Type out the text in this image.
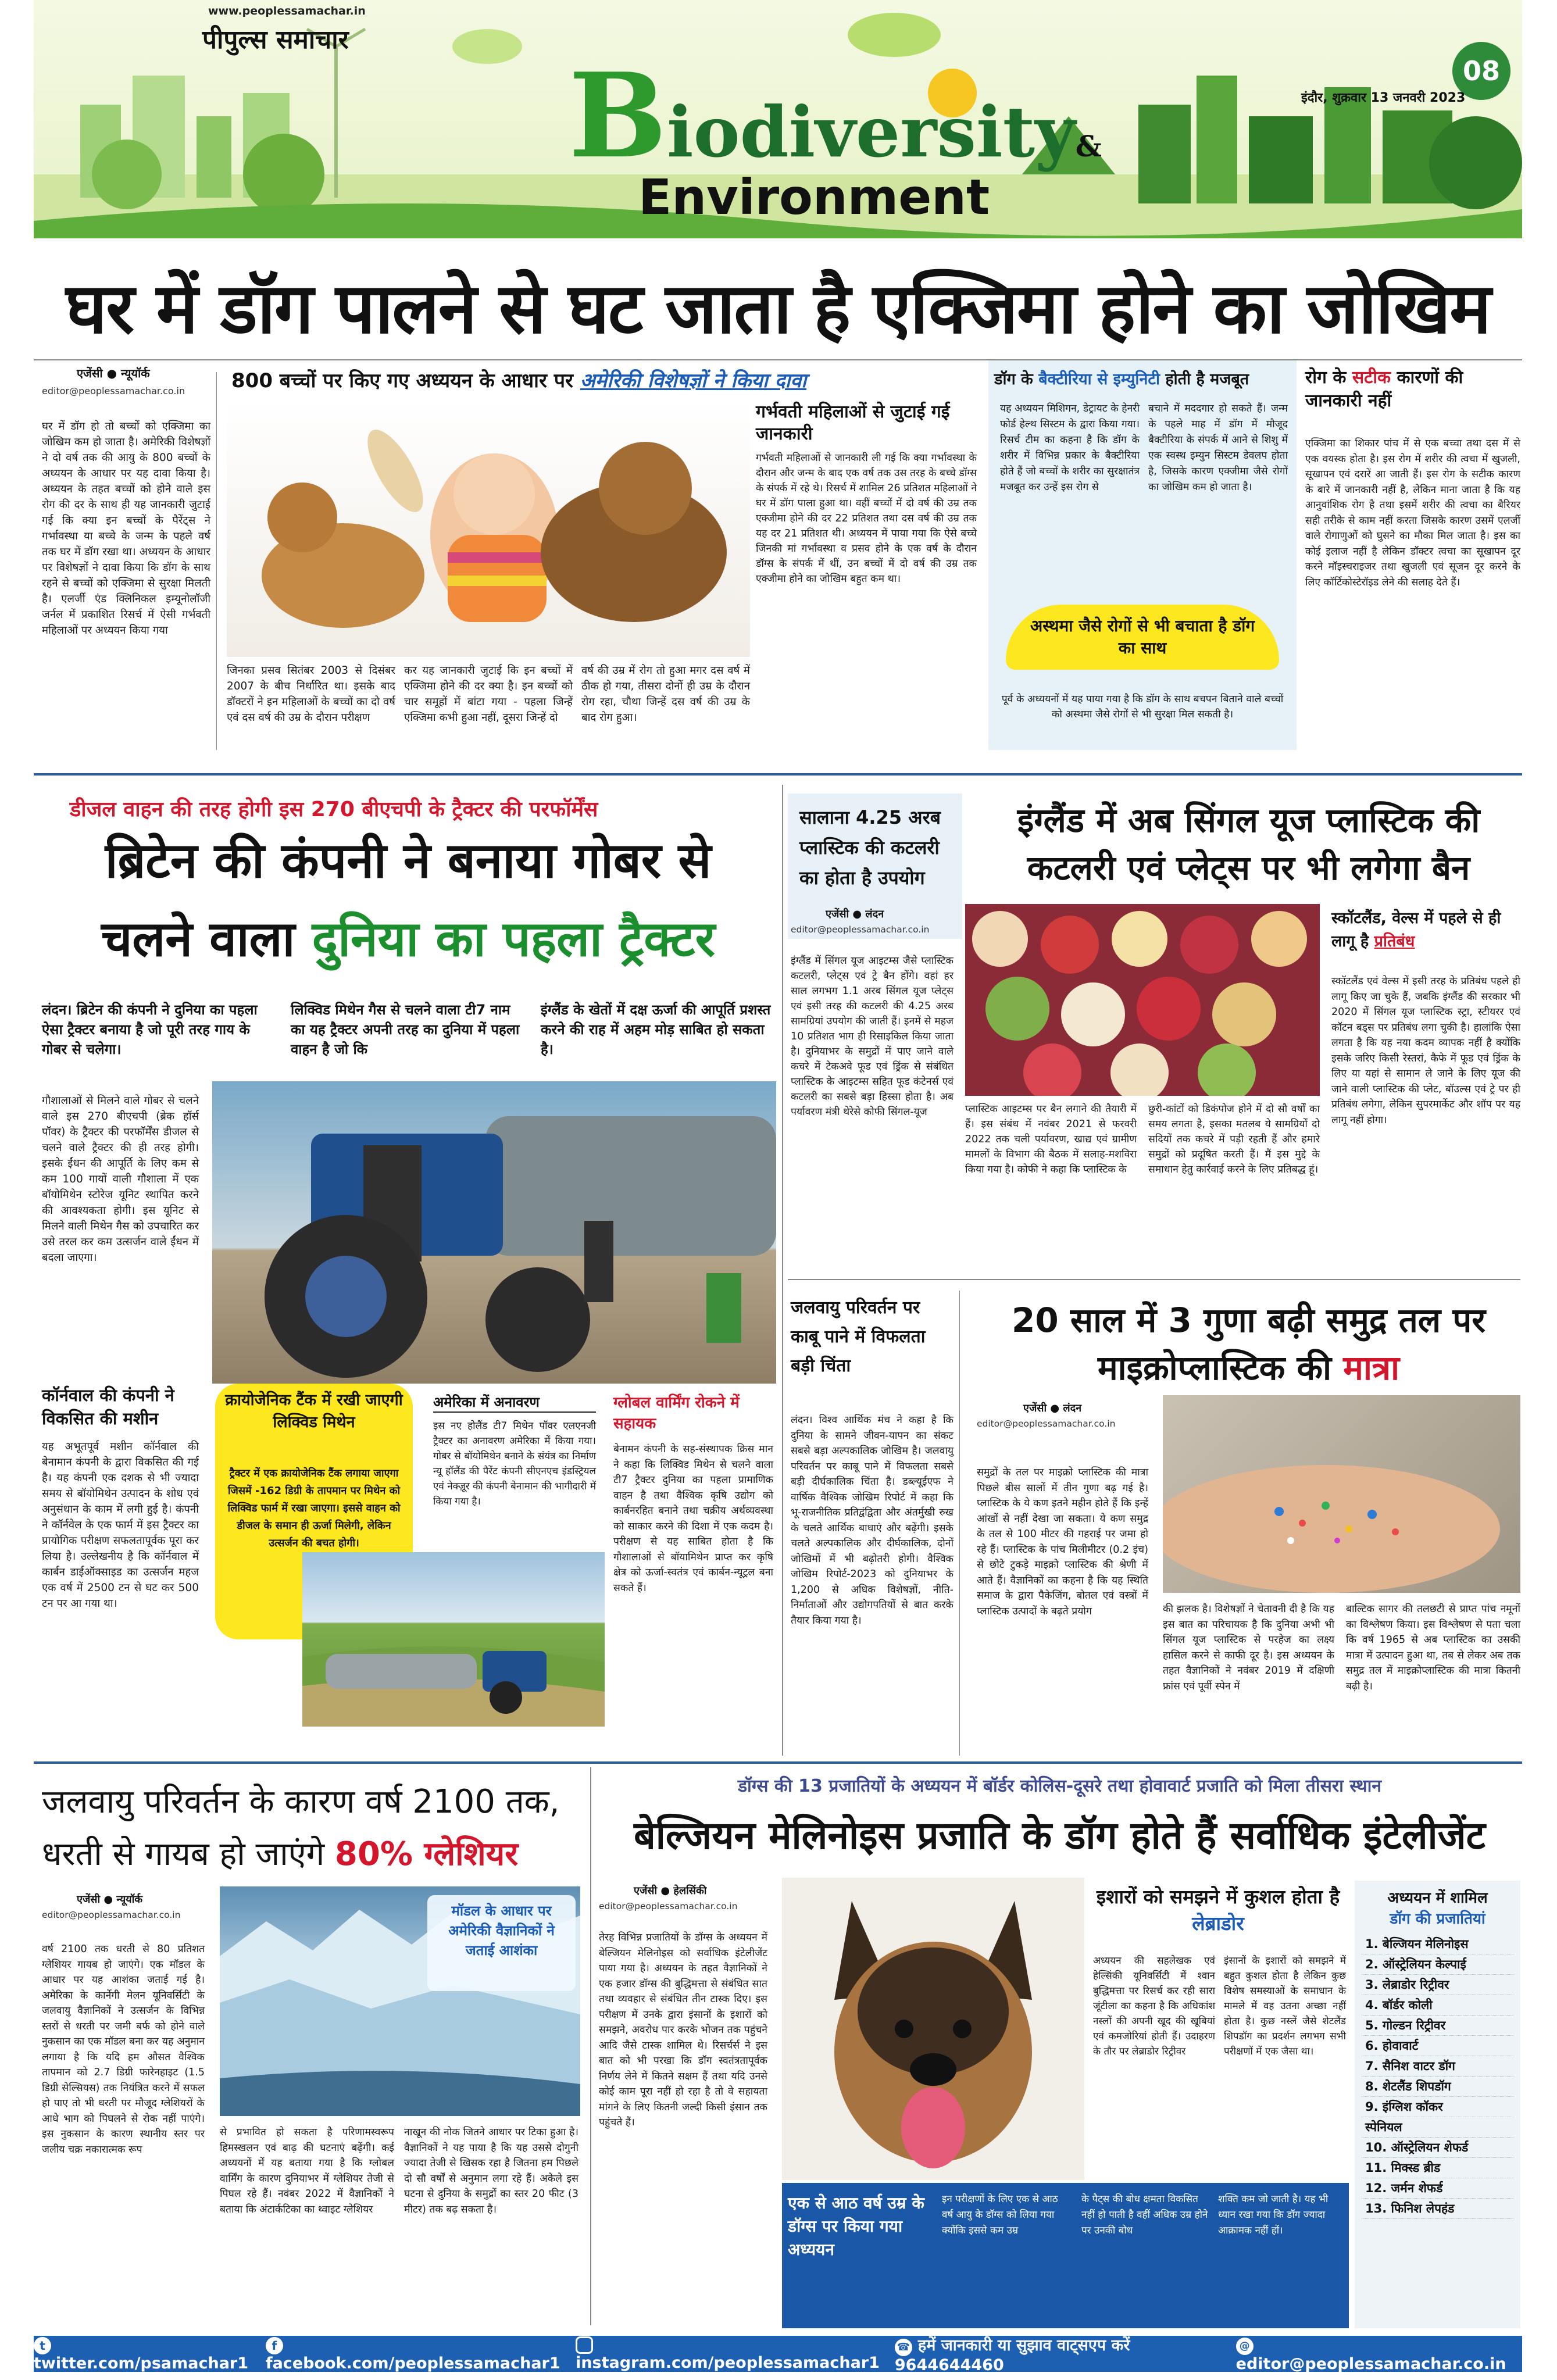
www.peoplessamachar.in
पीपुल्स समाचार
Biodiversity&
Environment
08
इंदौर, शुक्रवार 13 जनवरी 2023
घर में डॉग पालने से घट जाता है एक्जिमा होने का जोखिम
एजेंसी ● न्यूयॉर्क
editor@peoplessamachar.co.in	800 बच्चों पर किए गए अध्ययन के आधार पर अमेरिकी विशेषज्ञों ने किया दावा

घर में डॉग हो तो बच्चों को एक्जिमा का जोखिम कम हो जाता है। अमेरिकी विशेषज्ञों ने दो वर्ष तक की आयु के 800 बच्चों के अध्ययन के आधार पर यह दावा किया है। अध्ययन के तहत बच्चों को होने वाले इस रोग की दर के साथ ही यह जानकारी जुटाई गई कि क्या इन बच्चों के पैरेंट्स ने गर्भावस्था या बच्चे के जन्म के पहले वर्ष तक घर में डॉग रखा था। अध्ययन के आधार पर विशेषज्ञों ने दावा किया कि डॉग के साथ रहने से बच्चों को एक्जिमा से सुरक्षा मिलती है। एलर्जी एंड क्लिनिकल इम्यूनोलॉजी जर्नल में प्रकाशित रिसर्च में ऐसी गर्भवती महिलाओं पर अध्ययन किया गया

जिनका प्रसव सितंबर 2003 से दिसंबर 2007 के बीच निर्धारित था। इसके बाद डॉक्टरों ने इन महिलाओं के बच्चों का दो वर्ष एवं दस वर्ष की उम्र के दौरान परीक्षण

कर यह जानकारी जुटाई कि इन बच्चों में एक्जिमा होने की दर क्या है। इन बच्चों को चार समूहों में बांटा गया - पहला जिन्हें एक्जिमा कभी हुआ नहीं, दूसरा जिन्हें दो

वर्ष की उम्र में रोग तो हुआ मगर दस वर्ष में ठीक हो गया, तीसरा दोनों ही उम्र के दौरान रोग रहा, चौथा जिन्हें दस वर्ष की उम्र के बाद रोग हुआ।

गर्भवती महिलाओं से जुटाई गई जानकारी

गर्भवती महिलाओं से जानकारी ली गई कि क्या गर्भावस्था के दौरान और जन्म के बाद एक वर्ष तक उस तरह के बच्चे डॉग्स के संपर्क में रहे थे। रिसर्च में शामिल 26 प्रतिशत महिलाओं ने घर में डॉग पाला हुआ था। वहीं बच्चों में दो वर्ष की उम्र तक एक्जीमा होने की दर 22 प्रतिशत तथा दस वर्ष की उम्र तक यह दर 21 प्रतिशत थी। अध्ययन में पाया गया कि ऐसे बच्चे जिनकी मां गर्भावस्था व प्रसव होने के एक वर्ष के दौरान डॉग्स के संपर्क में थीं, उन बच्चों में दो वर्ष की उम्र तक एक्जीमा होने का जोखिम बहुत कम था।

डॉग के बैक्टीरिया से इम्युनिटी होती है मजबूत

यह अध्ययन मिशिगन, डेट्रायट के हेनरी फोर्ड हेल्थ सिस्टम के द्वारा किया गया। रिसर्च टीम का कहना है कि डॉग के शरीर में विभिन्न प्रकार के बैक्टीरिया होते हैं जो बच्चों के शरीर का सुरक्षातंत्र मजबूत कर उन्हें इस रोग से

बचाने में मददगार हो सकते हैं। जन्म के पहले माह में डॉग में मौजूद बैक्टीरिया के संपर्क में आने से शिशु में एक स्वस्थ इम्युन सिस्टम डेवलप होता है, जिसके कारण एक्जीमा जैसे रोगों का जोखिम कम हो जाता है।

अस्थमा जैसे रोगों से भी बचाता है डॉग का साथ

पूर्व के अध्ययनों में यह पाया गया है कि डॉग के साथ बचपन बिताने वाले बच्चों को अस्थमा जैसे रोगों से भी सुरक्षा मिल सकती है।

रोग के सटीक कारणों की जानकारी नहीं

एक्जिमा का शिकार पांच में से एक बच्चा तथा दस में से एक वयस्क होता है। इस रोग में शरीर की त्वचा में खुजली, सूखापन एवं दरारें आ जाती हैं। इस रोग के सटीक कारण के बारे में जानकारी नहीं है, लेकिन माना जाता है कि यह आनुवांशिक रोग है तथा इसमें शरीर की त्वचा का बैरियर सही तरीके से काम नहीं करता जिसके कारण उसमें एलर्जी वाले रोगाणुओं को घुसने का मौका मिल जाता है। इस का कोई इलाज नहीं है लेकिन डॉक्टर त्वचा का सूखापन दूर करने मॉइस्चराइजर तथा खुजली एवं सूजन दूर करने के लिए कॉर्टिकोस्टेरॉइड लेने की सलाह देते हैं।

डीजल वाहन की तरह होगी इस 270 बीएचपी के ट्रैक्टर की परफॉर्मेंस
ब्रिटेन की कंपनी ने बनाया गोबर से
चलने वाला दुनिया का पहला ट्रैक्टर

लंदन। ब्रिटेन की कंपनी ने दुनिया का पहला ऐसा ट्रैक्टर बनाया है जो पूरी तरह गाय के गोबर से चलेगा।

लिक्विड मिथेन गैस से चलने वाला टी7 नाम का यह ट्रैक्टर अपनी तरह का दुनिया में पहला वाहन है जो कि

इंग्लैंड के खेतों में दक्ष ऊर्जा की आपूर्ति प्रशस्त करने की राह में अहम मोड़ साबित हो सकता है।

गौशालाओं से मिलने वाले गोबर से चलने वाले इस 270 बीएचपी (ब्रेक हॉर्स पॉवर) के ट्रैक्टर की परफॉर्मेंस डीजल से चलने वाले ट्रैक्टर की ही तरह होगी। इसके ईंधन की आपूर्ति के लिए कम से कम 100 गायों वाली गौशाला में एक बॉयोमिथेन स्टोरेज यूनिट स्थापित करने की आवश्यकता होगी। इस यूनिट से मिलने वाली मिथेन गैस को उपचारित कर उसे तरल कर कम उत्सर्जन वाले ईंधन में बदला जाएगा।

कॉर्नवाल की कंपनी ने विकसित की मशीन

यह अभूतपूर्व मशीन कॉर्नवाल की बेनामान कंपनी के द्वारा विकसित की गई है। यह कंपनी एक दशक से भी ज्यादा समय से बॉयोमिथेन उत्पादन के शोध एवं अनुसंधान के काम में लगी हुई है। कंपनी ने कॉर्नवेल के एक फार्म में इस ट्रैक्टर का प्रायोगिक परीक्षण सफलतापूर्वक पूरा कर लिया है। उल्लेखनीय है कि कॉर्नवाल में कार्बन डाईऑक्साइड का उत्सर्जन महज एक वर्ष में 2500 टन से घट कर 500 टन पर आ गया था।

क्रायोजेनिक टैंक में रखी जाएगी लिक्विड मिथेन

ट्रैक्टर में एक क्रायोजेनिक टैंक लगाया जाएगा जिसमें -162 डिग्री के तापमान पर मिथेन को लिक्विड फार्म में रखा जाएगा। इससे वाहन को डीजल के समान ही ऊर्जा मिलेगी, लेकिन उत्सर्जन की बचत होगी।

अमेरिका में अनावरण

इस नए होलैंड टी7 मिथेन पॉवर एलएनजी ट्रैक्टर का अनावरण अमेरिका में किया गया। गोबर से बॉयोमिथेन बनाने के संयंत्र का निर्माण न्यू हॉलैंड की पैरेंट कंपनी सीएनएच इंडस्ट्रियल एवं नेक्ज़ूर की कंपनी बेनामान की भागीदारी में किया गया है।

ग्लोबल वार्मिंग रोकने में सहायक

बेनामन कंपनी के सह-संस्थापक क्रिस मान ने कहा कि लिक्विड मिथेन से चलने वाला टी7 ट्रैक्टर दुनिया का पहला प्रामाणिक वाहन है तथा वैश्विक कृषि उद्योग को कार्बनरहित बनाने तथा चक्रीय अर्थव्यवस्था को साकार करने की दिशा में एक कदम है। परीक्षण से यह साबित होता है कि गौशालाओं से बॉयामिथेन प्राप्त कर कृषि क्षेत्र को ऊर्जा-स्वतंत्र एवं कार्बन-न्यूट्रल बना सकते हैं।

सालाना 4.25 अरब प्लास्टिक की कटलरी का होता है उपयोग
इंग्लैंड में अब सिंगल यूज प्लास्टिक की कटलरी एवं प्लेट्स पर भी लगेगा बैन
एजेंसी ● लंदन
editor@peoplessamachar.co.in

इंग्लैंड में सिंगल यूज आइटम्स जैसे प्लास्टिक कटलरी, प्लेट्स एवं ट्रे बैन होंगे। वहां हर साल लगभग 1.1 अरब सिंगल यूज प्लेट्स एवं इसी तरह की कटलरी की 4.25 अरब सामग्रियां उपयोग की जाती हैं। इनमें से महज 10 प्रतिशत भाग ही रिसाइकिल किया जाता है। दुनियाभर के समुद्रों में पाए जाने वाले कचरे में टेकअवे फूड एवं ड्रिंक से संबंधित प्लास्टिक के आइटम्स सहित फूड कंटेनर्स एवं कटलरी का सबसे बड़ा हिस्सा होता है। अब पर्यावरण मंत्री थेरेसे कोफी सिंगल-यूज	प्लास्टिक आइटम्स पर बैन लगाने की तैयारी में हैं। इस संबंध में नवंबर 2021 से फरवरी 2022 तक चली पर्यावरण, खाद्य एवं ग्रामीण मामलों के विभाग की बैठक में सलाह-मशविरा किया गया है। कोफी ने कहा कि प्लास्टिक के

छुरी-कांटों को डिकंपोज होने में दो सौ वर्षों का समय लगता है, इसका मतलब ये सामग्रियों दो सदियों तक कचरे में पड़ी रहती हैं और हमारे समुद्रों को प्रदूषित करती हैं। मैं इस मुद्दे के समाधान हेतु कार्रवाई करने के लिए प्रतिबद्ध हूं।

स्कॉटलैंड, वेल्स में पहले से ही लागू है प्रतिबंध

स्कॉटलैंड एवं वेल्स में इसी तरह के प्रतिबंध पहले ही लागू किए जा चुके हैं, जबकि इंग्लैंड की सरकार भी 2020 में सिंगल यूज प्लास्टिक स्ट्रा, स्टीयरर एवं कॉटन बड्स पर प्रतिबंध लगा चुकी है। हालांकि ऐसा लगता है कि यह नया कदम व्यापक नहीं है क्योंकि इसके जरिए किसी रेस्तरां, कैफे में फूड एवं ड्रिंक के लिए या यहां से सामान ले जाने के लिए यूज की जाने वाली प्लास्टिक की प्लेट, बॉउल्स एवं ट्रे पर ही प्रतिबंध लगेगा, लेकिन सुपरमार्केट और शॉप पर यह लागू नहीं होगा।

जलवायु परिवर्तन पर काबू पाने में विफलता बड़ी चिंता

लंदन। विश्व आर्थिक मंच ने कहा है कि दुनिया के सामने जीवन-यापन का संकट सबसे बड़ा अल्पकालिक जोखिम है। जलवायु परिवर्तन पर काबू पाने में विफलता सबसे बड़ी दीर्घकालिक चिंता है। डब्ल्यूईएफ ने वार्षिक वैश्विक जोखिम रिपोर्ट में कहा कि भू-राजनीतिक प्रतिद्वंद्विता और अंतर्मुखी रुख के चलते आर्थिक बाधाएं और बढ़ेंगी। इसके चलते अल्पकालिक और दीर्घकालिक, दोनों जोखिमों में भी बढ़ोतरी होगी। वैश्विक जोखिम रिपोर्ट-2023 को दुनियाभर के 1,200 से अधिक विशेषज्ञों, नीति-निर्माताओं और उद्योगपतियों से बात करके तैयार किया गया है।

20 साल में 3 गुणा बढ़ी समुद्र तल पर माइक्रोप्लास्टिक की मात्रा
एजेंसी ● लंदन
editor@peoplessamachar.co.in

समुद्रों के तल पर माइक्रो प्लास्टिक की मात्रा पिछले बीस सालों में तीन गुणा बढ़ गई है। प्लास्टिक के ये कण इतने महीन होते हैं कि इन्हें आंखों से नहीं देखा जा सकता। ये कण समुद्र के तल से 100 मीटर की गहराई पर जमा हो रहे हैं। प्लास्टिक के पांच मिलीमीटर (0.2 इंच) से छोटे टुकड़े माइक्रो प्लास्टिक की श्रेणी में आते हैं। वैज्ञानिकों का कहना है कि यह स्थिति समाज के द्वारा पैकेजिंग, बोतल एवं वस्त्रों में प्लास्टिक उत्पादों के बढ़ते प्रयोग	की झलक है। विशेषज्ञों ने चेतावनी दी है कि यह इस बात का परिचायक है कि दुनिया अभी भी सिंगल यूज प्लास्टिक से परहेज का लक्ष्य हासिल करने से काफी दूर है। इस अध्ययन के तहत वैज्ञानिकों ने नवंबर 2019 में दक्षिणी फ्रांस एवं पूर्वी स्पेन में

बाल्टिक सागर की तलछटी से प्राप्त पांच नमूनों का विश्लेषण किया। इस विश्लेषण से पता चला कि वर्ष 1965 से अब प्लास्टिक का उसकी मात्रा में उत्पादन हुआ था, तब से लेकर अब तक समुद्र तल में माइक्रोप्लास्टिक की मात्रा कितनी बढ़ी है।

जलवायु परिवर्तन के कारण वर्ष 2100 तक,
धरती से गायब हो जाएंगे 80% ग्लेशियर
एजेंसी ● न्यूयॉर्क
editor@peoplessamachar.co.in

वर्ष 2100 तक धरती से 80 प्रतिशत ग्लेशियर गायब हो जाएंगे। एक मॉडल के आधार पर यह आशंका जताई गई है। अमेरिका के कार्नेगी मेलन यूनिवर्सिटी के जलवायु वैज्ञानिकों ने उत्सर्जन के विभिन्न स्तरों से धरती पर जमी बर्फ को होने वाले नुकसान का एक मॉडल बना कर यह अनुमान लगाया है कि यदि हम औसत वैश्विक तापमान को 2.7 डिग्री फारेनहाइट (1.5 डिग्री सेल्सियस) तक नियंत्रित करने में सफल हो पाए तो भी धरती पर मौजूद ग्लेशियरों के आधे भाग को पिघलने से रोक नहीं पाएंगे। इस नुकसान के कारण स्थानीय स्तर पर जलीय चक्र नकारात्मक रूप

मॉडल के आधार पर अमेरिकी वैज्ञानिकों ने जताई आशंका

से प्रभावित हो सकता है परिणामस्वरूप हिमस्खलन एवं बाढ़ की घटनाएं बढ़ेंगी। कई अध्ययनों में यह बताया गया है कि ग्लोबल वार्मिंग के कारण दुनियाभर में ग्लेशियर तेजी से पिघल रहे हैं। नवंबर 2022 में वैज्ञानिकों ने बताया कि अंटार्कटिका का थ्वाइट ग्लेशियर

नाखून की नोक जितने आधार पर टिका हुआ है। वैज्ञानिकों ने यह पाया है कि यह उससे दोगुनी ज्यादा तेजी से खिसक रहा है जितना हम पिछले दो सौ वर्षों से अनुमान लगा रहे हैं। अकेले इस घटना से दुनिया के समुद्रों का स्तर 20 फीट (3 मीटर) तक बढ़ सकता है।

डॉग्स की 13 प्रजातियों के अध्ययन में बॉर्डर कोलिस-दूसरे तथा होवावार्ट प्रजाति को मिला तीसरा स्थान
बेल्जियन मेलिनोइस प्रजाति के डॉग होते हैं सर्वाधिक इंटेलीजेंट
एजेंसी ● हेलसिंकी
editor@peoplessamachar.co.in

तेरह विभिन्न प्रजातियों के डॉग्स के अध्ययन में बेल्जियन मेलिनोइस को सर्वाधिक इंटेलीजेंट पाया गया है। अध्ययन के तहत वैज्ञानिकों ने एक हजार डॉग्स की बुद्धिमत्ता से संबंधित सात तथा व्यवहार से संबंधित तीन टास्क दिए। इस परीक्षण में उनके द्वारा इंसानों के इशारों को समझने, अवरोध पार करके भोजन तक पहुंचने आदि जैसे टास्क शामिल थे। रिसर्चर्स ने इस बात को भी परखा कि डॉग स्वतंत्रतापूर्वक निर्णय लेने में कितने सक्षम हैं तथा यदि उनसे कोई काम पूरा नहीं हो रहा है तो वे सहायता मांगने के लिए कितनी जल्दी किसी इंसान तक पहुंचते हैं।

इशारों को समझने में कुशल होता है लेब्राडोर

अध्ययन की सहलेखक एवं हेल्सिंकी यूनिवर्सिटी में श्वान बुद्धिमत्ता पर रिसर्च कर रही सारा जूंटीला का कहना है कि अधिकांश नस्लों की अपनी खूद की खूबियां एवं कमजोरियां होती हैं। उदाहरण के तौर पर लेब्राडोर रिट्रीवर

इंसानों के इशारों को समझने में बहुत कुशल होता है लेकिन कुछ विशेष समस्याओं के समाधान के मामले में वह उतना अच्छा नहीं होता है। कुछ नस्लें जैसे शेटलैंड शिपडॉग का प्रदर्शन लगभग सभी परीक्षणों में एक जैसा था।

एक से आठ वर्ष उम्र के डॉग्स पर किया गया अध्ययन

इन परीक्षणों के लिए एक से आठ वर्ष आयु के डॉग्स को लिया गया क्योंकि इससे कम उम्र

के पैट्स की बोध क्षमता विकसित नहीं हो पाती है वहीं अधिक उम्र होने पर उनकी बोध

शक्ति कम जो जाती है। यह भी ध्यान रखा गया कि डॉग ज्यादा आक्रामक नहीं हों।

अध्ययन में शामिल
डॉग की प्रजातियां
1. बेल्जियन मेलिनोइस
2. ऑस्ट्रेलियन केल्पाई
3. लेब्राडोर रिट्रीवर
4. बॉर्डर कोली
5. गोल्डन रिट्रीवर
6. होवावार्ट
7. सैनिश वाटर डॉग
8. शेटलैंड शिपडॉग
9. इंग्लिश कॉकर
स्पेनियल
10. ऑस्ट्रेलियन शेफर्ड
11. मिक्स्ड ब्रीड
12. जर्मन शेफर्ड
13. फिनिश लेपहंड
ttwitter.com/psamachar1
ffacebook.com/peoplessamachar1 instagram.com/peoplessamachar1
☎ हमें जानकारी या सुझाव वाट्सएप करें 9644644460
@editor@peoplessamachar.co.in
